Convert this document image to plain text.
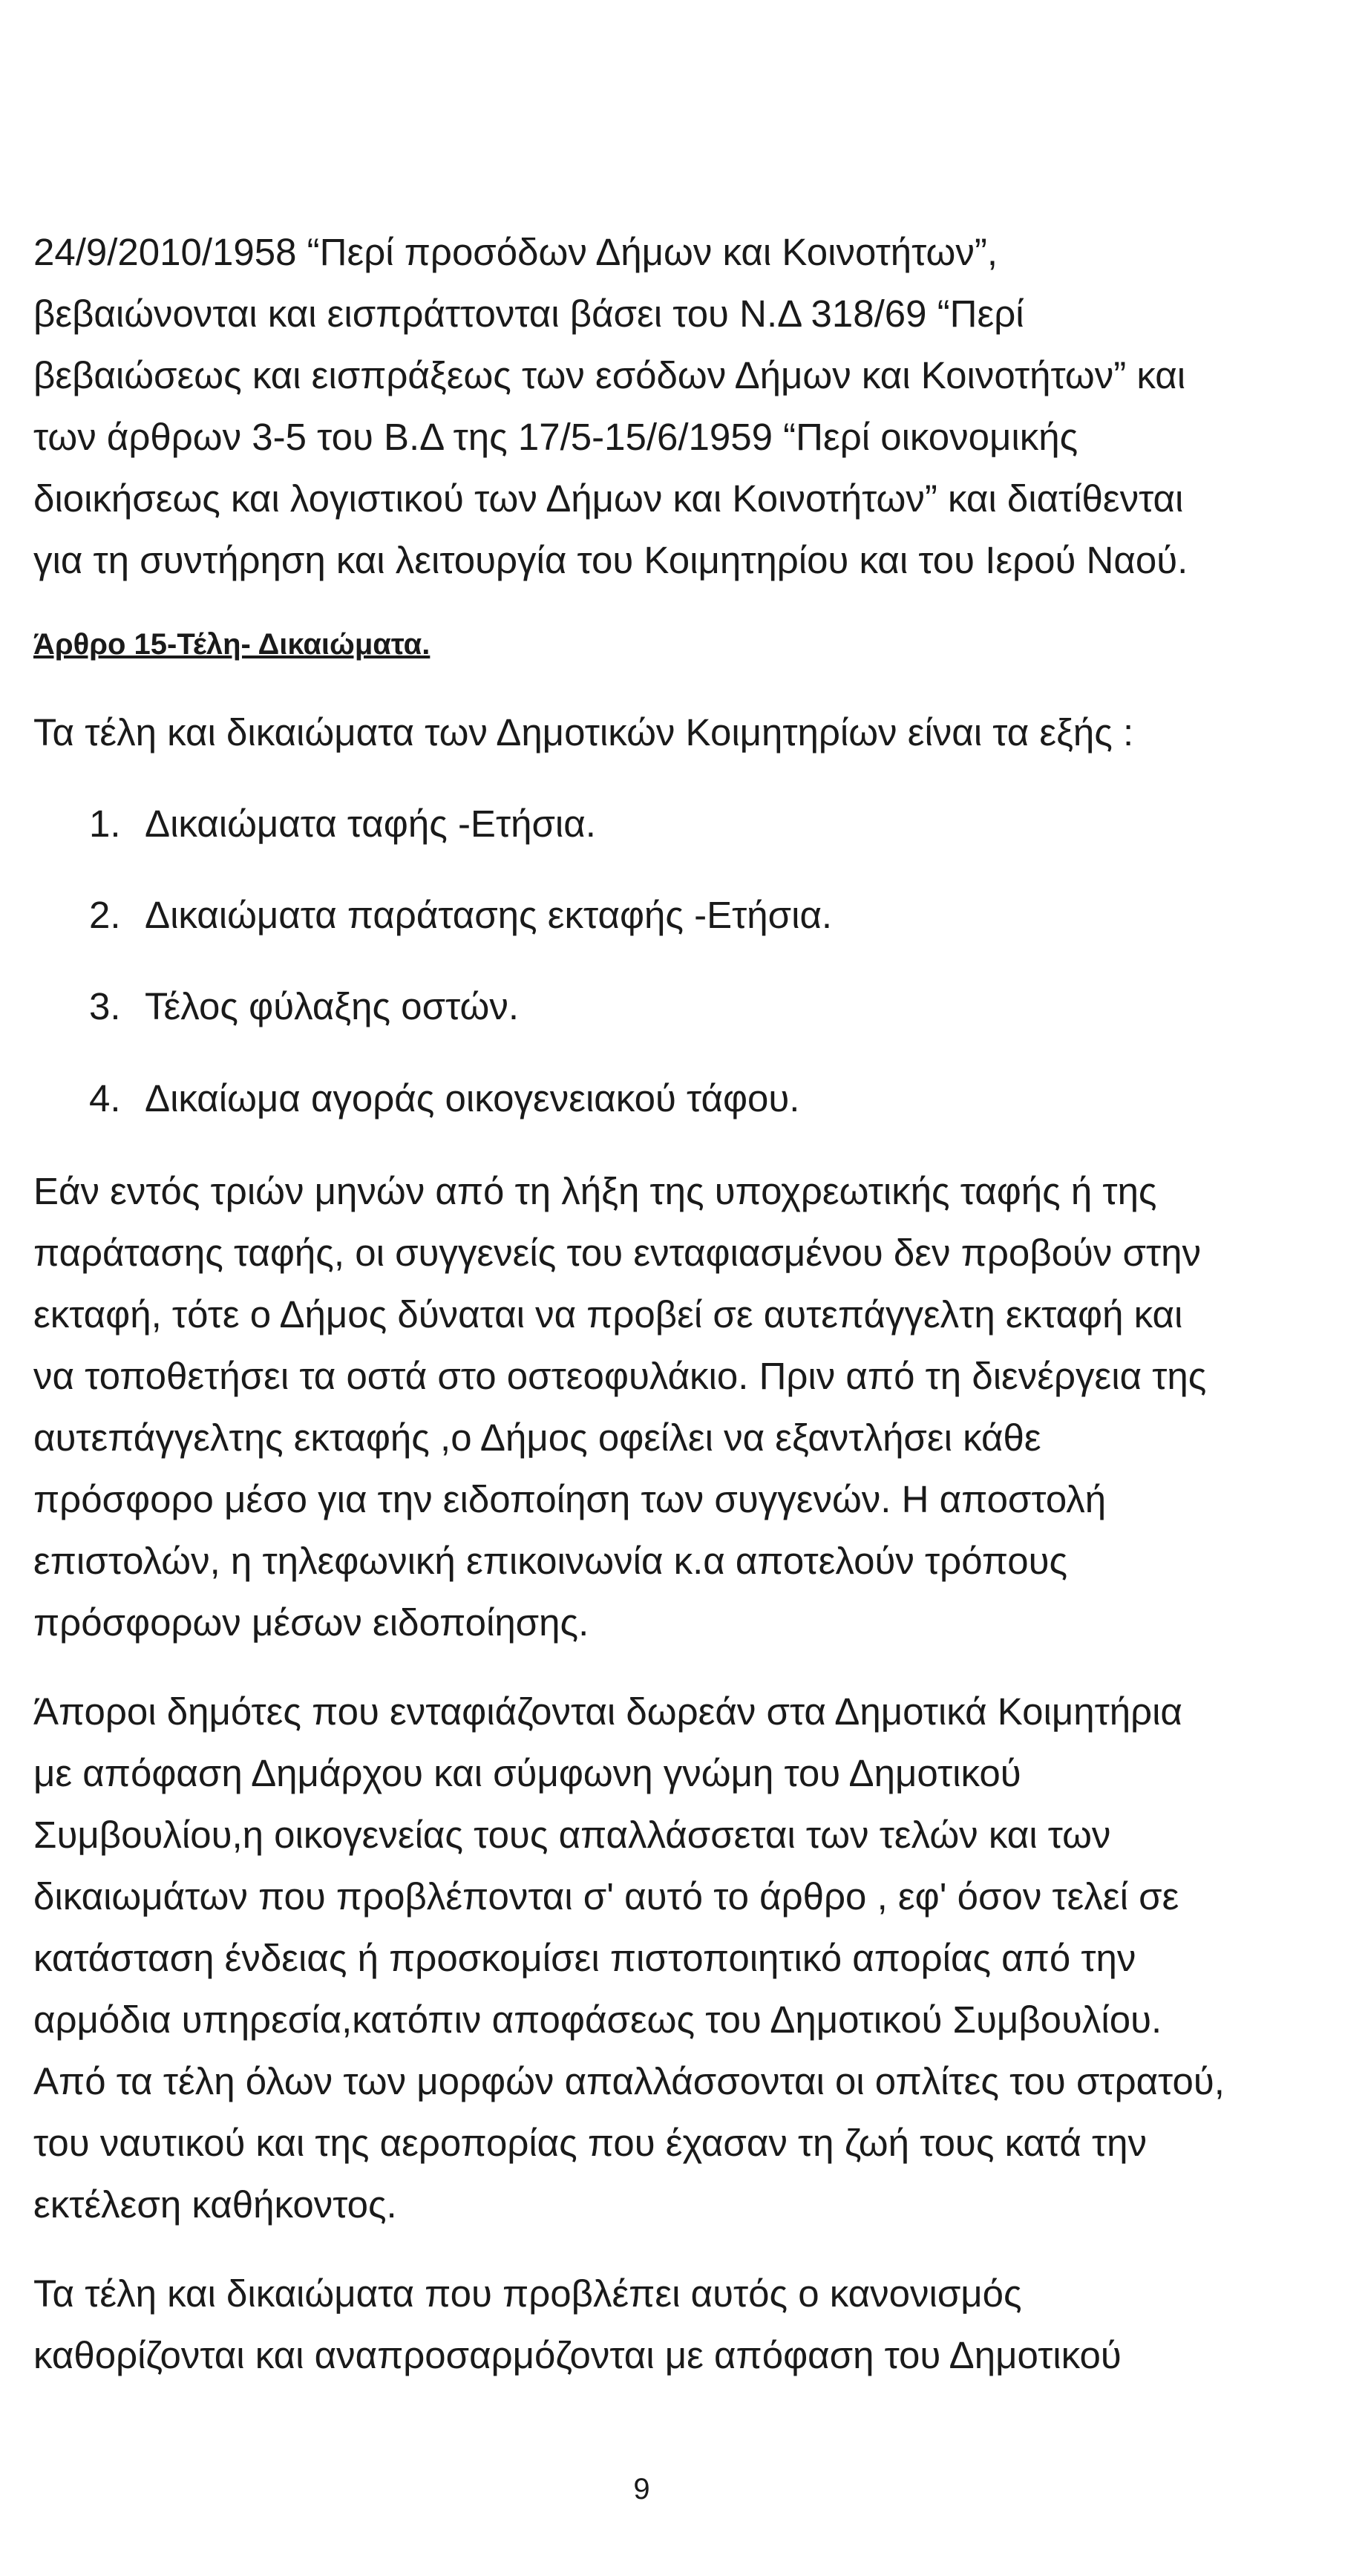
24/9/2010/1958 “Περί προσόδων Δήμων και Κοινοτήτων”,
βεβαιώνονται και εισπράττονται βάσει του Ν.Δ 318/69 “Περί
βεβαιώσεως και εισπράξεως των εσόδων Δήμων και Κοινοτήτων” και
των άρθρων 3-5 του Β.Δ της 17/5-15/6/1959 “Περί οικονομικής
διοικήσεως και λογιστικού των Δήμων και Κοινοτήτων” και διατίθενται
για τη συντήρηση και λειτουργία του Κοιμητηρίου και του Ιερού Ναού.

Άρθρο 15-Τέλη- Δικαιώματα.

Τα τέλη και δικαιώματα των Δημοτικών Κοιμητηρίων είναι τα εξής :

1. Δικαιώματα ταφής -Ετήσια.
2. Δικαιώματα παράτασης εκταφής -Ετήσια.
3. Τέλος φύλαξης οστών.
4. Δικαίωμα αγοράς οικογενειακού τάφου.

Εάν εντός τριών μηνών από τη λήξη της υποχρεωτικής ταφής ή της
παράτασης ταφής, οι συγγενείς του ενταφιασμένου δεν προβούν στην
εκταφή, τότε ο Δήμος δύναται να προβεί σε αυτεπάγγελτη εκταφή και
να τοποθετήσει τα οστά στο οστεοφυλάκιο. Πριν από τη διενέργεια της
αυτεπάγγελτης εκταφής ,ο Δήμος οφείλει να εξαντλήσει κάθε
πρόσφορο μέσο για την ειδοποίηση των συγγενών. Η αποστολή
επιστολών, η τηλεφωνική επικοινωνία κ.α αποτελούν τρόπους
πρόσφορων μέσων ειδοποίησης.

Άποροι δημότες που ενταφιάζονται δωρεάν στα Δημοτικά Κοιμητήρια
με απόφαση Δημάρχου και σύμφωνη γνώμη του Δημοτικού
Συμβουλίου,η οικογενείας τους απαλλάσσεται των τελών και των
δικαιωμάτων που προβλέπονται σ' αυτό το άρθρο , εφ' όσον τελεί σε
κατάσταση ένδειας ή προσκομίσει πιστοποιητικό απορίας από την
αρμόδια υπηρεσία,κατόπιν αποφάσεως του Δημοτικού Συμβουλίου.
Από τα τέλη όλων των μορφών απαλλάσσονται οι οπλίτες του στρατού,
του ναυτικού και της αεροπορίας που έχασαν τη ζωή τους κατά την
εκτέλεση καθήκοντος.

Τα τέλη και δικαιώματα που προβλέπει αυτός ο κανονισμός
καθορίζονται και αναπροσαρμόζονται με απόφαση του Δημοτικού

9
